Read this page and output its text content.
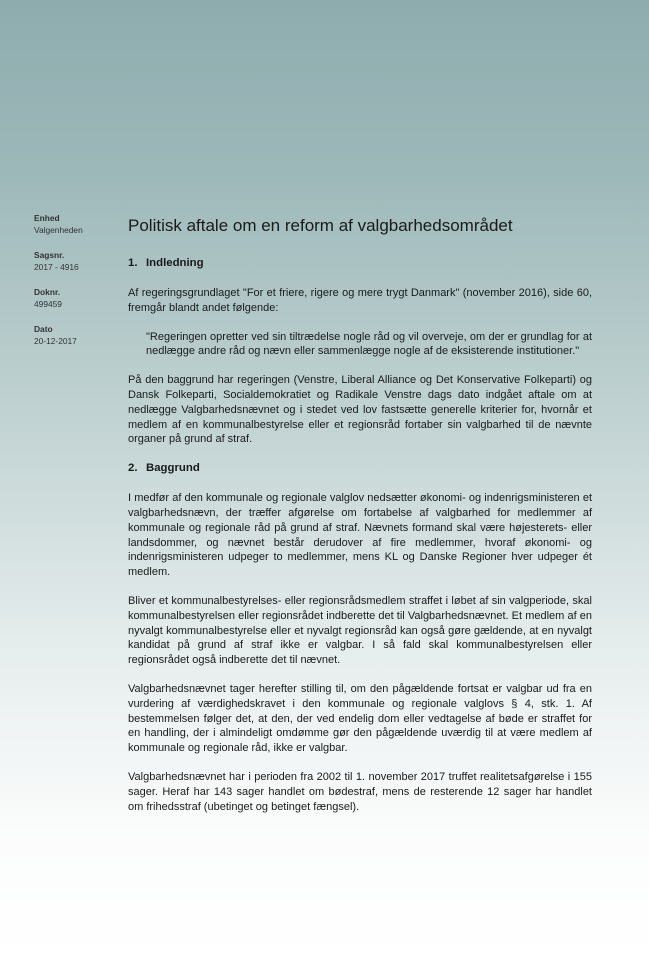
Enhed
Valgenheden
Sagsnr.
2017 - 4916
Doknr.
499459
Dato
20-12-2017
Politisk aftale om en reform af valgbarhedsområdet
1. Indledning

Af regeringsgrundlaget "For et friere, rigere og mere trygt Danmark" (november 2016), side 60, fremgår blandt andet følgende:

"Regeringen opretter ved sin tiltrædelse nogle råd og vil overveje, om der er grundlag for at nedlægge andre råd og nævn eller sammenlægge nogle af de eksisterende institutioner."

På den baggrund har regeringen (Venstre, Liberal Alliance og Det Konservative Folkeparti) og Dansk Folkeparti, Socialdemokratiet og Radikale Venstre dags dato indgået aftale om at nedlægge Valgbarhedsnævnet og i stedet ved lov fastsætte generelle kriterier for, hvornår et medlem af en kommunalbestyrelse eller et regionsråd fortaber sin valgbarhed til de nævnte organer på grund af straf.

2. Baggrund

I medfør af den kommunale og regionale valglov nedsætter økonomi- og indenrigsministeren et valgbarhedsnævn, der træffer afgørelse om fortabelse af valgbarhed for medlemmer af kommunale og regionale råd på grund af straf. Nævnets formand skal være højesterets- eller landsdommer, og nævnet består derudover af fire medlemmer, hvoraf økonomi- og indenrigsministeren udpeger to medlemmer, mens KL og Danske Regioner hver udpeger ét medlem.

Bliver et kommunalbestyrelses- eller regionsrådsmedlem straffet i løbet af sin valgperiode, skal kommunalbestyrelsen eller regionsrådet indberette det til Valgbarhedsnævnet. Et medlem af en nyvalgt kommunalbestyrelse eller et nyvalgt regionsråd kan også gøre gældende, at en nyvalgt kandidat på grund af straf ikke er valgbar. I så fald skal kommunalbestyrelsen eller regionsrådet også indberette det til nævnet.

Valgbarhedsnævnet tager herefter stilling til, om den pågældende fortsat er valgbar ud fra en vurdering af værdighedskravet i den kommunale og regionale valglovs § 4, stk. 1. Af bestemmelsen følger det, at den, der ved endelig dom eller vedtagelse af bøde er straffet for en handling, der i almindeligt omdømme gør den pågældende uværdig til at være medlem af kommunale og regionale råd, ikke er valgbar.

Valgbarhedsnævnet har i perioden fra 2002 til 1. november 2017 truffet realitetsafgørelse i 155 sager. Heraf har 143 sager handlet om bødestraf, mens de resterende 12 sager har handlet om frihedsstraf (ubetinget og betinget fængsel).
